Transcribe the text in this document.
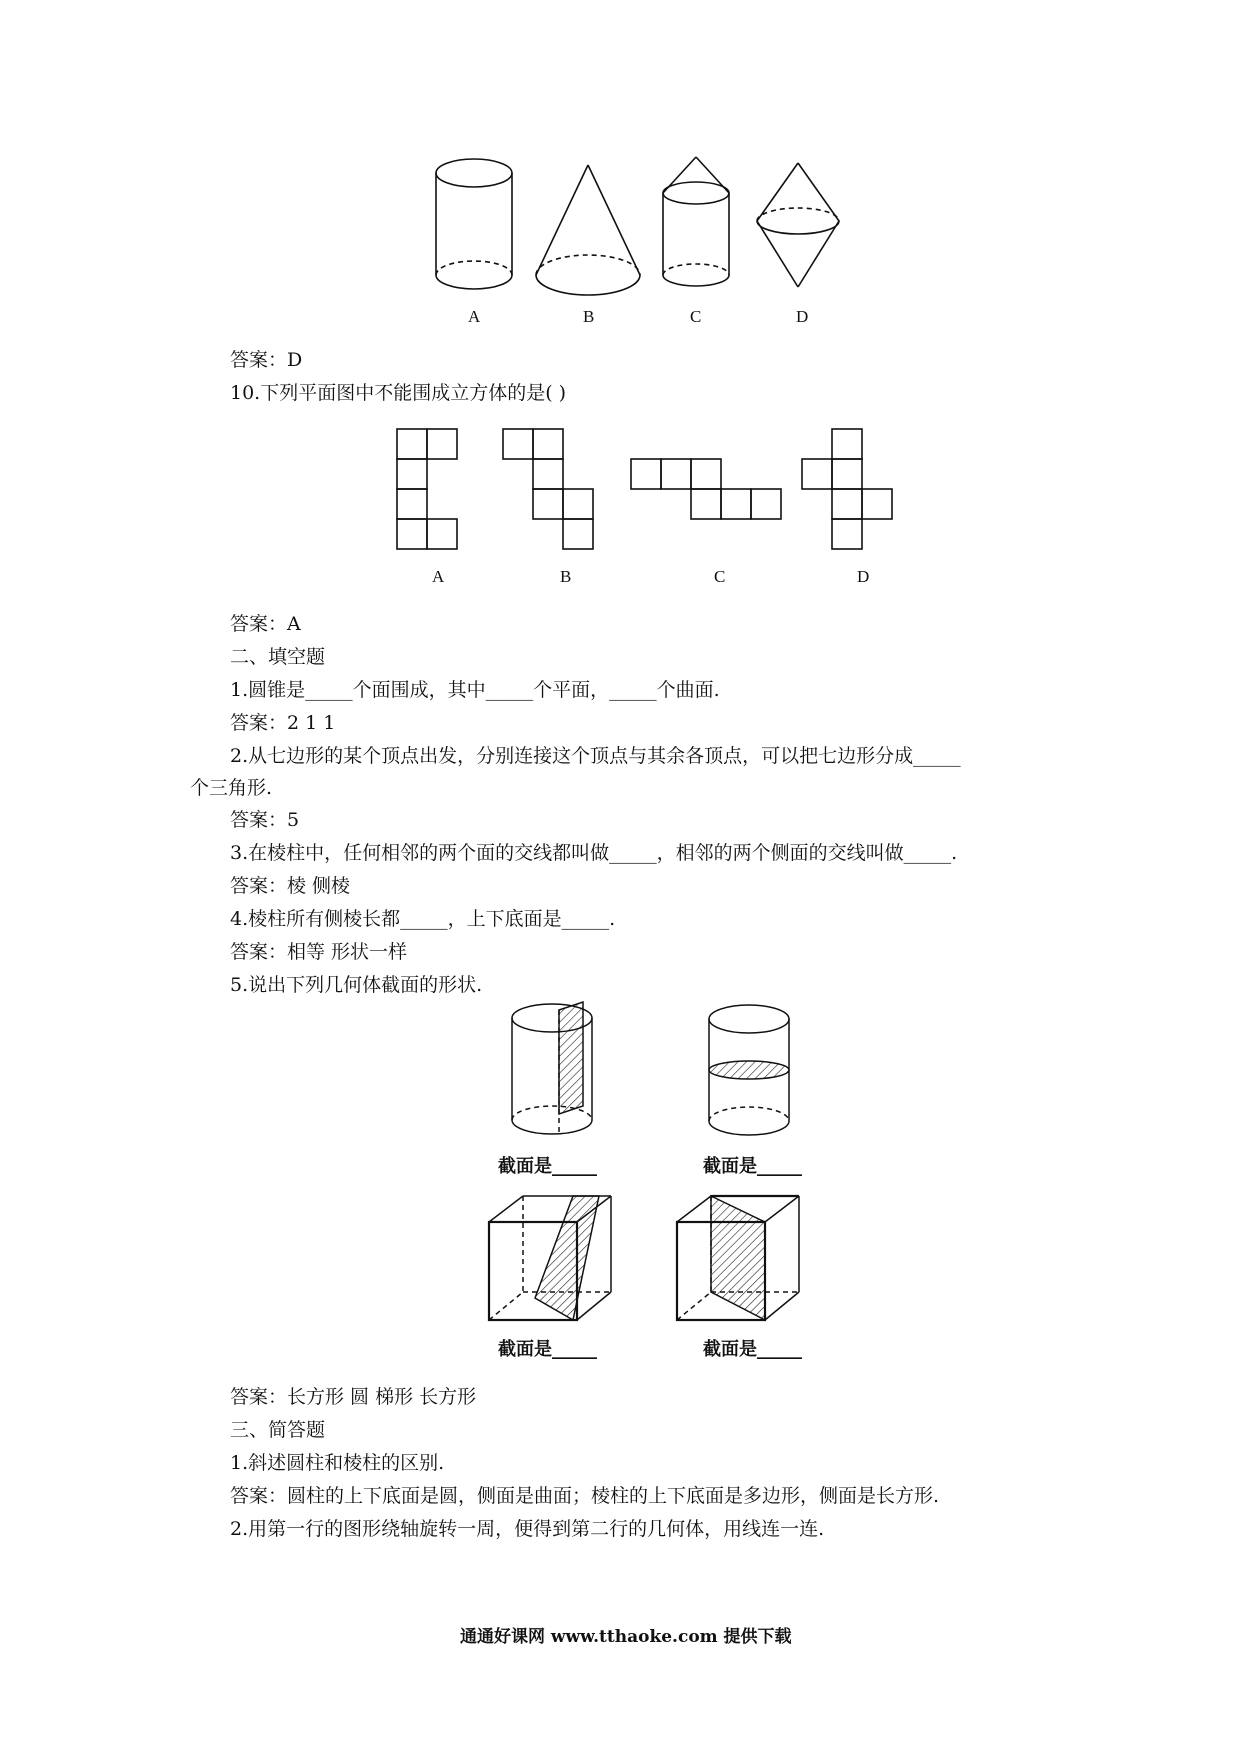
A	B	C	D
答案：D
10.下列平面图中不能围成立方体的是( )
A	B	C	D
答案：A
二、填空题
1.圆锥是_____个面围成，其中_____个平面，_____个曲面.
答案：2 1 1
2.从七边形的某个顶点出发，分别连接这个顶点与其余各顶点，可以把七边形分成_____
个三角形.
答案：5
3.在棱柱中，任何相邻的两个面的交线都叫做_____，相邻的两个侧面的交线叫做_____.
答案：棱 侧棱
4.棱柱所有侧棱长都_____，上下底面是_____.
答案：相等 形状一样
5.说出下列几何体截面的形状.
截面是_____	截面是_____
截面是_____	截面是_____
答案：长方形 圆 梯形 长方形
三、简答题
1.斜述圆柱和棱柱的区别.
答案：圆柱的上下底面是圆，侧面是曲面；棱柱的上下底面是多边形，侧面是长方形.
2.用第一行的图形绕轴旋转一周，便得到第二行的几何体，用线连一连.
通通好课网 www.tthaoke.com 提供下载
